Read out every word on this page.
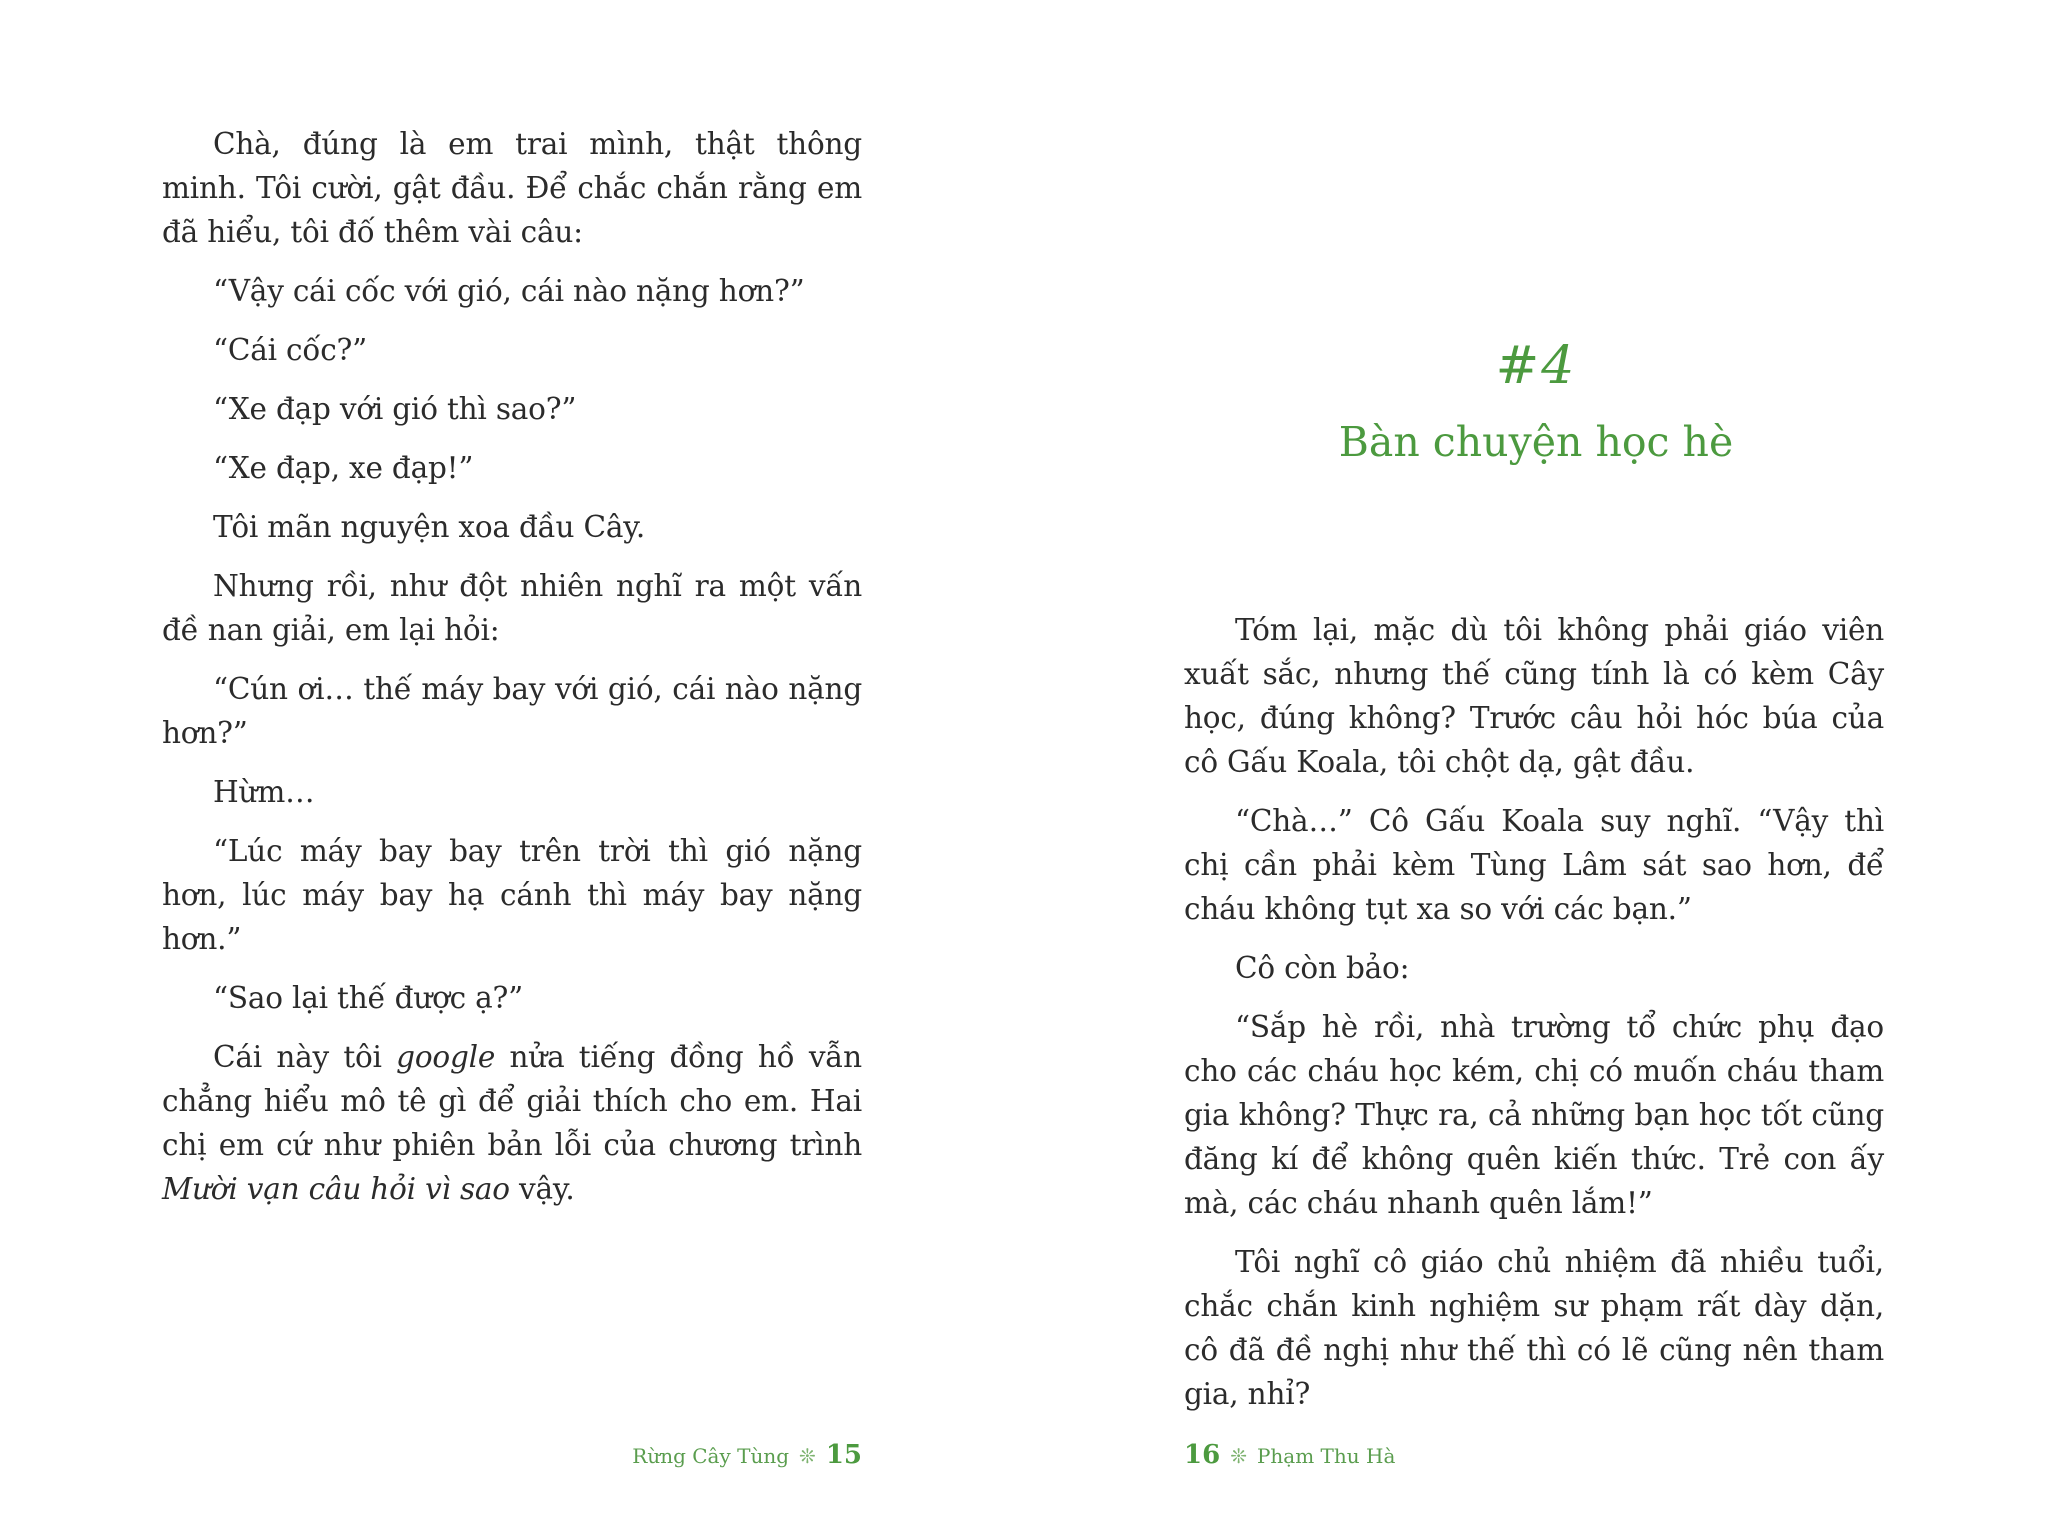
Chà, đúng là em trai mình, thật thông minh. Tôi cười, gật đầu. Để chắc chắn rằng em đã hiểu, tôi đố thêm vài câu:

“Vậy cái cốc với gió, cái nào nặng hơn?”

“Cái cốc?”

“Xe đạp với gió thì sao?”

“Xe đạp, xe đạp!”

Tôi mãn nguyện xoa đầu Cây.

Nhưng rồi, như đột nhiên nghĩ ra một vấn đề nan giải, em lại hỏi:

“Cún ơi… thế máy bay với gió, cái nào nặng hơn?”

Hừm…

“Lúc máy bay bay trên trời thì gió nặng hơn, lúc máy bay hạ cánh thì máy bay nặng hơn.”

“Sao lại thế được ạ?”

Cái này tôi google nửa tiếng đồng hồ vẫn chẳng hiểu mô tê gì để giải thích cho em. Hai chị em cứ như phiên bản lỗi của chương trình Mười vạn câu hỏi vì sao vậy.

Rừng Cây Tùng ❊ 15
#4
Bàn chuyện học hè

Tóm lại, mặc dù tôi không phải giáo viên xuất sắc, nhưng thế cũng tính là có kèm Cây học, đúng không? Trước câu hỏi hóc búa của cô Gấu Koala, tôi chột dạ, gật đầu.

“Chà…” Cô Gấu Koala suy nghĩ. “Vậy thì chị cần phải kèm Tùng Lâm sát sao hơn, để cháu không tụt xa so với các bạn.”

Cô còn bảo:

“Sắp hè rồi, nhà trường tổ chức phụ đạo cho các cháu học kém, chị có muốn cháu tham gia không? Thực ra, cả những bạn học tốt cũng đăng kí để không quên kiến thức. Trẻ con ấy mà, các cháu nhanh quên lắm!”

Tôi nghĩ cô giáo chủ nhiệm đã nhiều tuổi, chắc chắn kinh nghiệm sư phạm rất dày dặn, cô đã đề nghị như thế thì có lẽ cũng nên tham gia, nhỉ?

16 ❊ Phạm Thu Hà
